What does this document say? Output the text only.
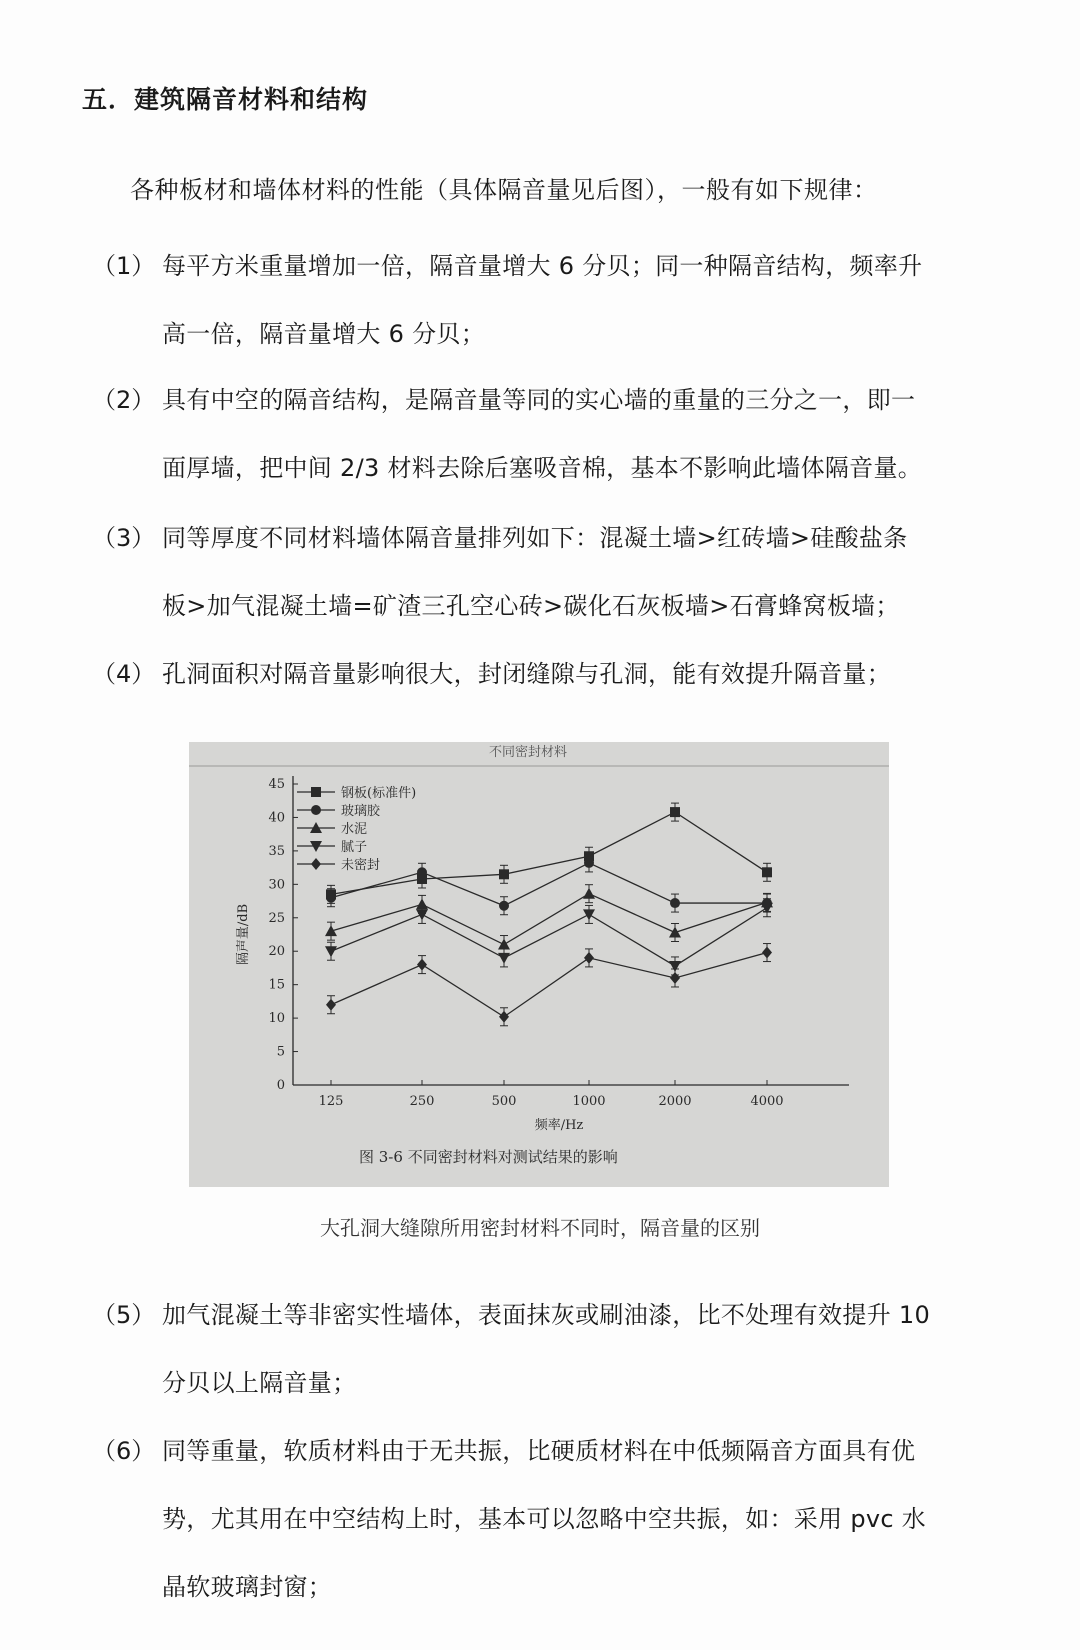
五．建筑隔音材料和结构
各种板材和墙体材料的性能（具体隔音量见后图），一般有如下规律：
（1） 每平方米重量增加一倍，隔音量增大 6 分贝；同一种隔音结构，频率升
高一倍，隔音量增大 6 分贝；
（2） 具有中空的隔音结构，是隔音量等同的实心墙的重量的三分之一，即一
面厚墙，把中间 2/3 材料去除后塞吸音棉，基本不影响此墙体隔音量。
（3） 同等厚度不同材料墙体隔音量排列如下：混凝土墙>红砖墙>硅酸盐条
板>加气混凝土墙=矿渣三孔空心砖>碳化石灰板墙>石膏蜂窝板墙；
（4） 孔洞面积对隔音量影响很大，封闭缝隙与孔洞，能有效提升隔音量；
不同密封材料
0
5
10
15
20
25
30
35
40
45
125	250	500	1000	2000	4000
频率/Hz
隔声量/dB
钢板(标准件)
玻璃胶
水泥
腻子
未密封
图 3-6 不同密封材料对测试结果的影响
大孔洞大缝隙所用密封材料不同时，隔音量的区别
（5） 加气混凝土等非密实性墙体，表面抹灰或刷油漆，比不处理有效提升 10
分贝以上隔音量；
（6） 同等重量，软质材料由于无共振，比硬质材料在中低频隔音方面具有优
势，尤其用在中空结构上时，基本可以忽略中空共振，如：采用 pvc 水
晶软玻璃封窗；
